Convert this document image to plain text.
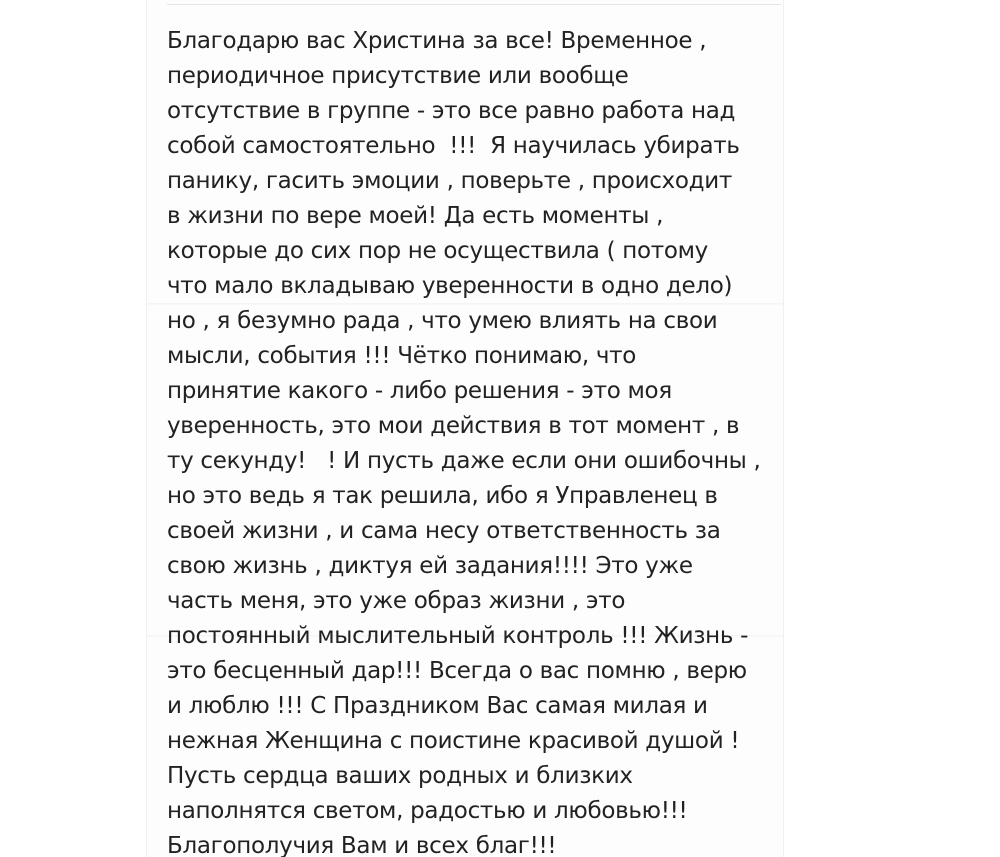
Благодарю вас Христина за все! Временное ,
периодичное присутствие или вообще
отсутствие в группе - это все равно работа над
собой самостоятельно  !!!  Я научилась убирать
панику, гасить эмоции , поверьте , происходит
в жизни по вере моей! Да есть моменты ,
которые до сих пор не осуществила ( потому
что мало вкладываю уверенности в одно дело)
но , я безумно рада , что умею влиять на свои
мысли, события !!! Чётко понимаю, что
принятие какого - либо решения - это моя
уверенность, это мои действия в тот момент , в
ту секунду!   ! И пусть даже если они ошибочны ,
но это ведь я так решила, ибо я Управленец в
своей жизни , и сама несу ответственность за
свою жизнь , диктуя ей задания!!!! Это уже
часть меня, это уже образ жизни , это
постоянный мыслительный контроль !!! Жизнь -
это бесценный дар!!! Всегда о вас помню , верю
и люблю !!! С Праздником Вас самая милая и
нежная Женщина с поистине красивой душой !
Пусть сердца ваших родных и близких
наполнятся светом, радостью и любовью!!!
Благополучия Вам и всех благ!!!
